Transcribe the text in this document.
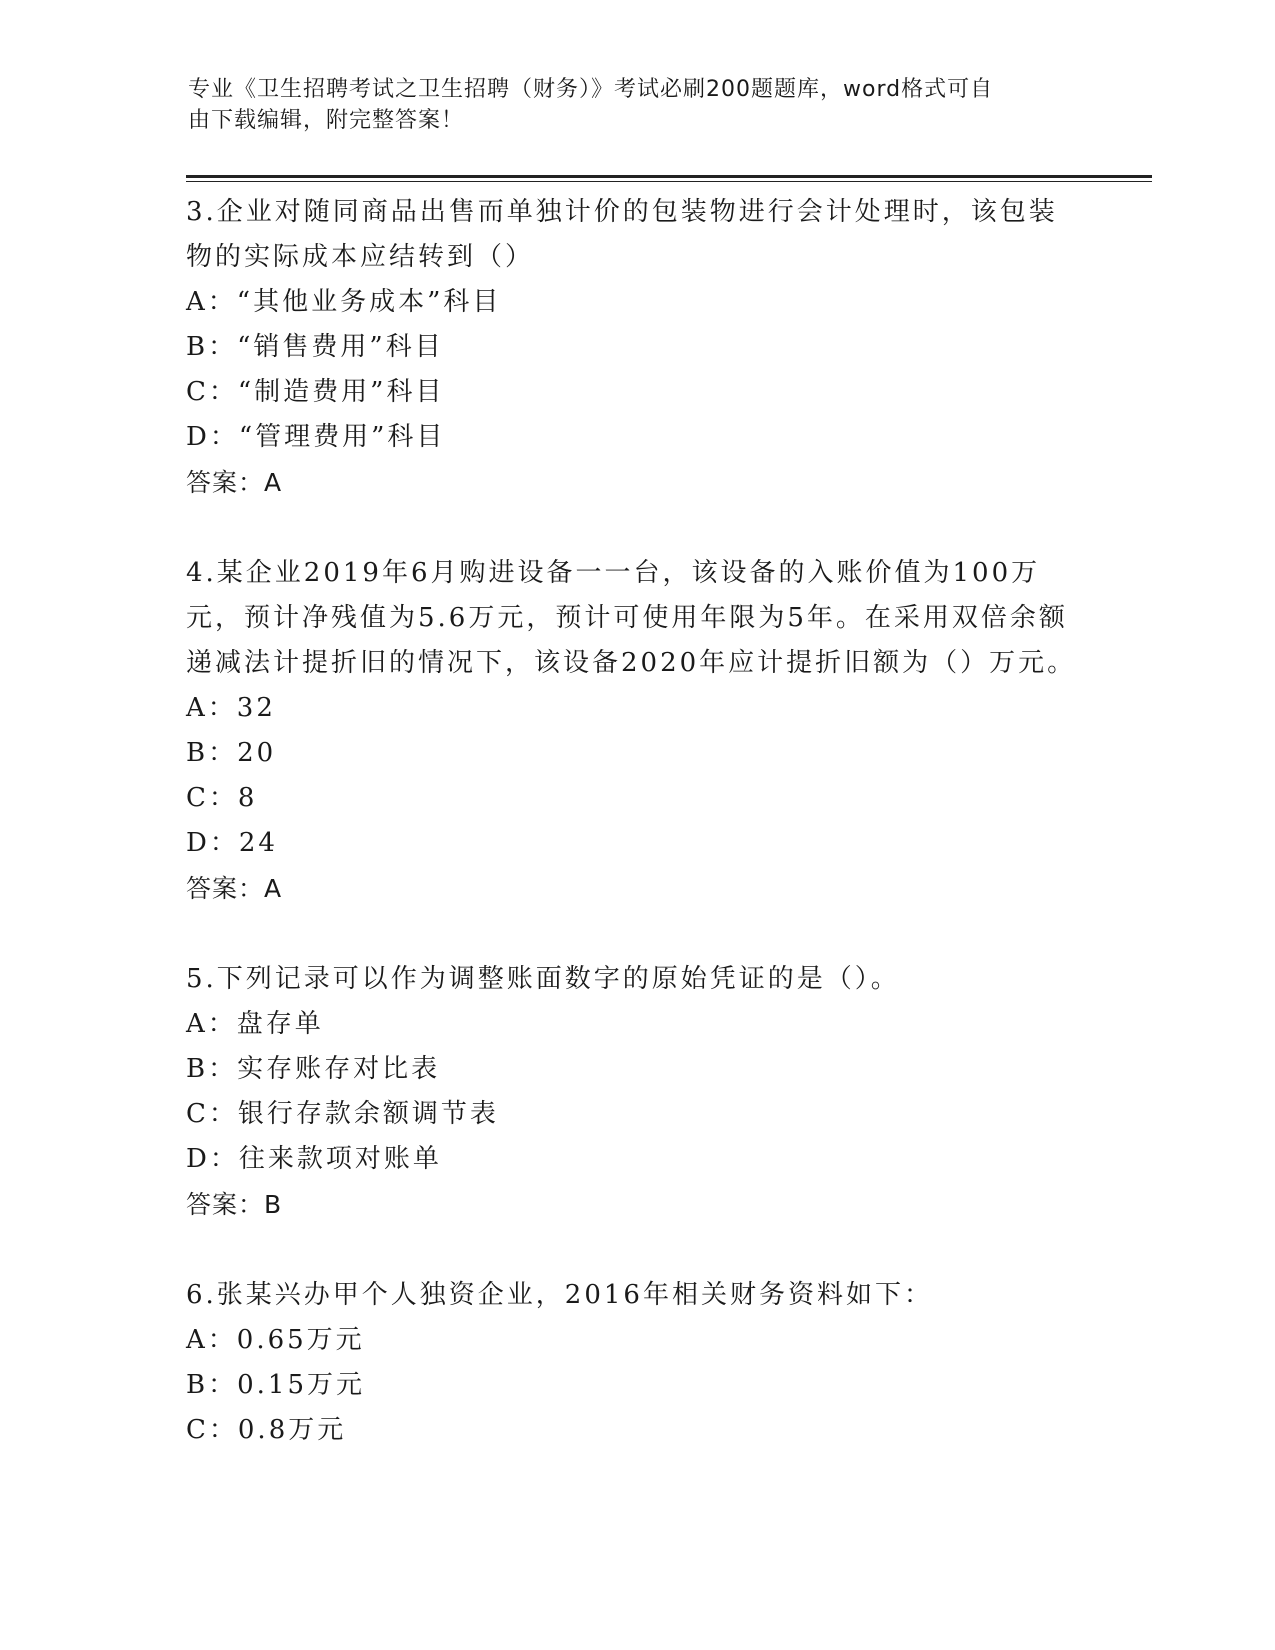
专业《卫生招聘考试之卫生招聘（财务）》考试必刷200题题库，word格式可自
由下载编辑，附完整答案！

3.企业对随同商品出售而单独计价的包装物进行会计处理时，该包装物的实际成本应结转到（）

A：“其他业务成本”科目

B：“销售费用”科目

C：“制造费用”科目

D：“管理费用”科目

答案：A

4.某企业2019年6月购进设备一一台，该设备的入账价值为100万元，预计净残值为5.6万元，预计可使用年限为5年。在采用双倍余额递减法计提折旧的情况下，该设备2020年应计提折旧额为（）万元。

A：32

B：20

C：8

D：24

答案：A

5.下列记录可以作为调整账面数字的原始凭证的是（）。

A：盘存单

B：实存账存对比表

C：银行存款余额调节表

D：往来款项对账单

答案：B

6.张某兴办甲个人独资企业，2016年相关财务资料如下：

A：0.65万元

B：0.15万元

C：0.8万元
